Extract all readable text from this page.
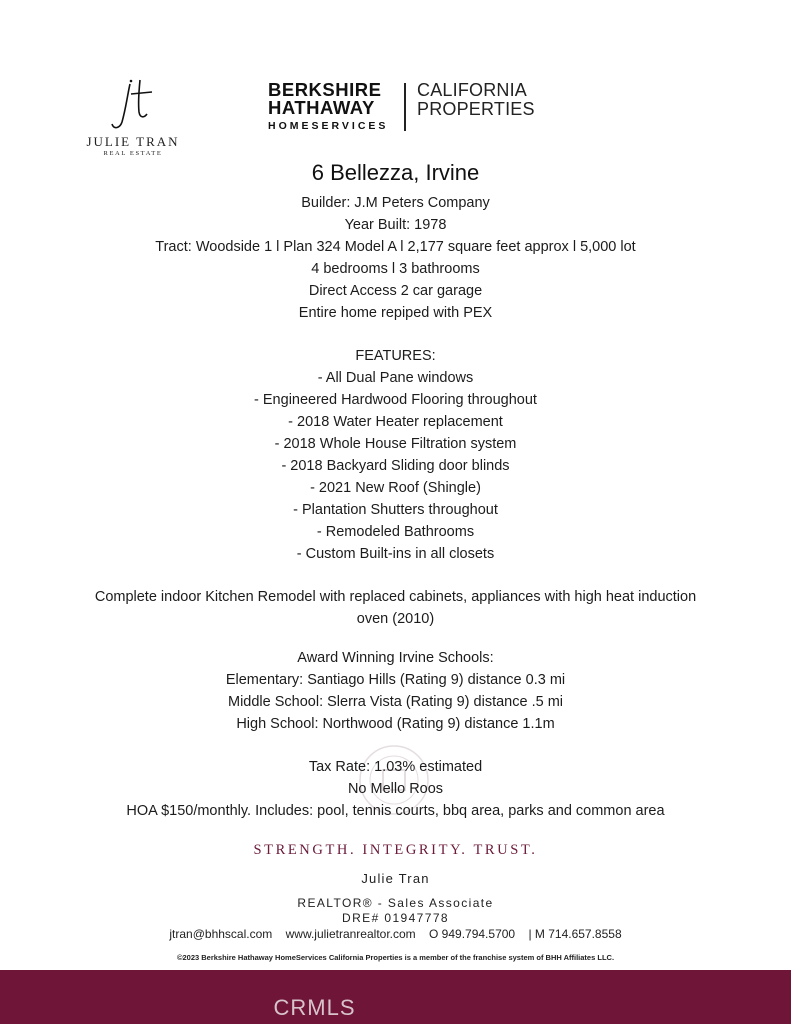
JULIE TRAN
REAL ESTATE
BERKSHIRE
HATHAWAY
HOMESERVICES
CALIFORNIA
PROPERTIES
6 Bellezza, Irvine
Builder: J.M Peters Company
Year Built: 1978
Tract: Woodside 1 l Plan 324 Model A l 2,177 square feet approx l 5,000 lot
4 bedrooms l 3 bathrooms
Direct Access 2 car garage
Entire home repiped with PEX
FEATURES:
- All Dual Pane windows
- Engineered Hardwood Flooring throughout
- 2018 Water Heater replacement
- 2018 Whole House Filtration system
- 2018 Backyard Sliding door blinds
- 2021 New Roof (Shingle)
- Plantation Shutters throughout
- Remodeled Bathrooms
- Custom Built-ins in all closets
Complete indoor Kitchen Remodel with replaced cabinets, appliances with high heat induction
oven (2010)
Award Winning Irvine Schools:
Elementary: Santiago Hills (Rating 9) distance 0.3 mi
Middle School: Slerra Vista (Rating 9) distance .5 mi
High School: Northwood (Rating 9) distance 1.1m
Tax Rate: 1.03% estimated
No Mello Roos
HOA $150/monthly. Includes: pool, tennis courts, bbq area, parks and common area
STRENGTH. INTEGRITY. TRUST.
Julie Tran
REALTOR® - Sales Associate
DRE# 01947778
jtran@bhhscal.com www.julietranrealtor.com O 949.794.5700 | M 714.657.8558
©2023 Berkshire Hathaway HomeServices California Properties is a member of the franchise system of BHH Affiliates LLC.
CRMLS
